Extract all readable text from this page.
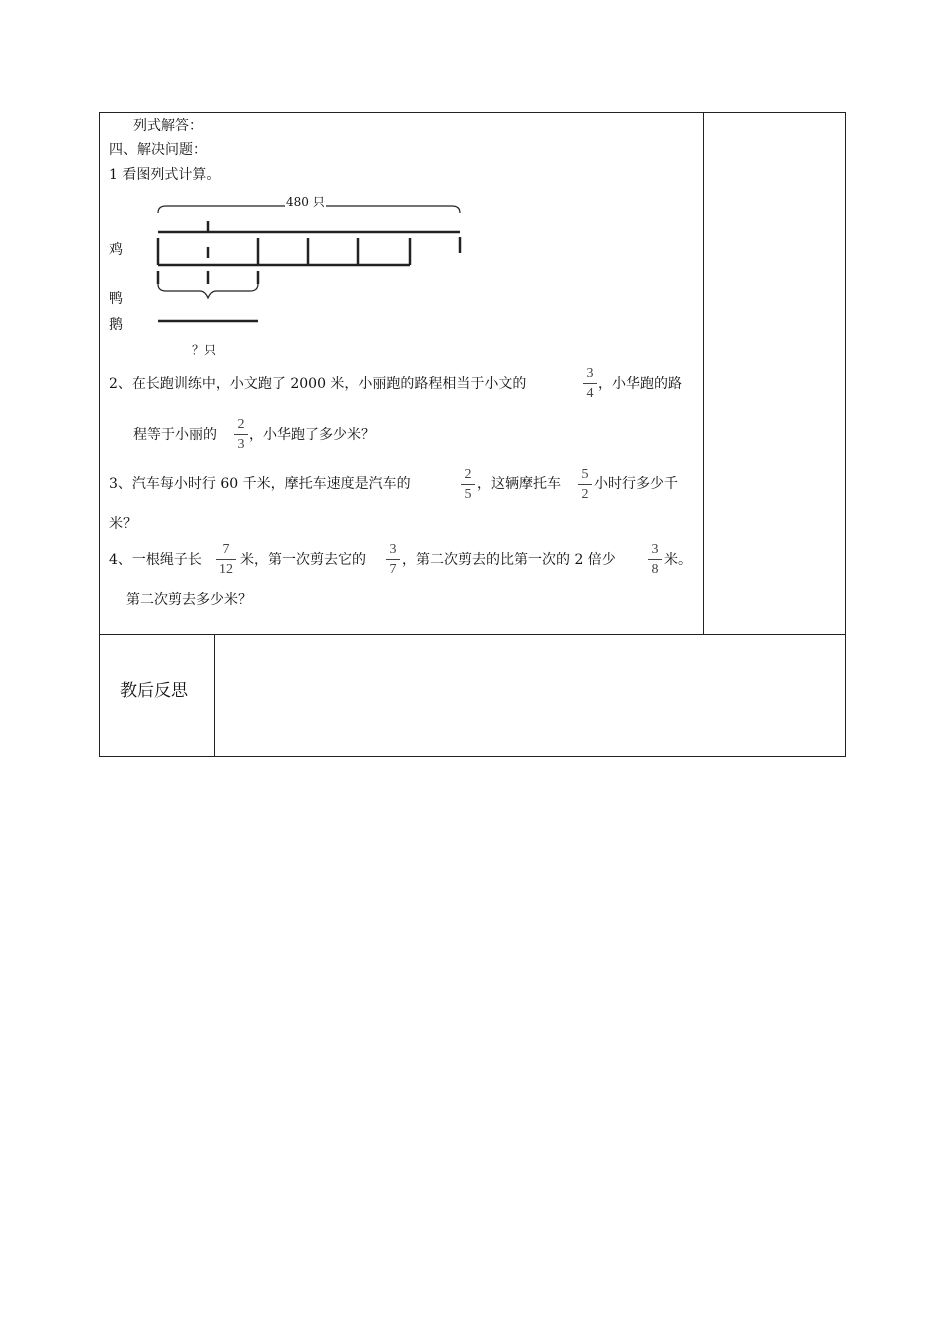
列式解答：
四、解决问题：
1 看图列式计算。
480 只
鸡
鸭
鹅
？只
2、在长跑训练中，小文跑了 2000 米，小丽跑的路程相当于小文的
3
4
，小华跑的路
程等于小丽的
2
3
，小华跑了多少米？
3、汽车每小时行 60 千米，摩托车速度是汽车的
2
5
，这辆摩托车
5
2
小时行多少千
米？
4、一根绳子长
7
12
米，第一次剪去它的
3
7
，第二次剪去的比第一次的 2 倍少
3
8
米。
第二次剪去多少米？
教后反思
